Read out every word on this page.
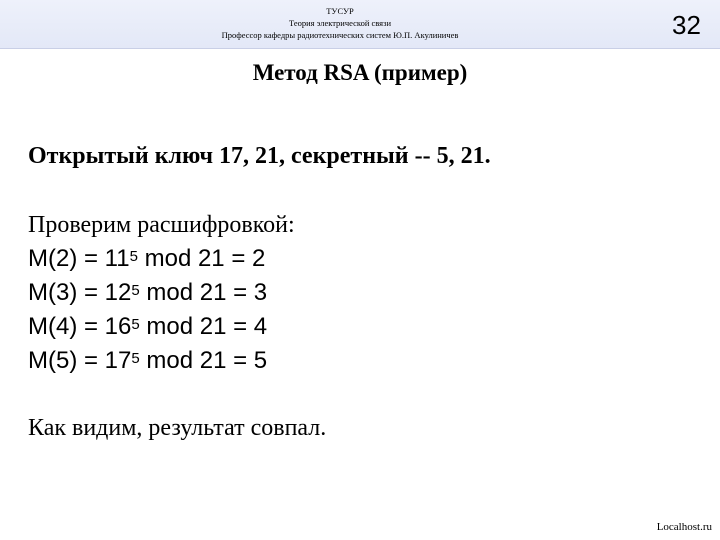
ТУСУР
Теория электрической связи
Профессор кафедры радиотехнических систем Ю.П. Акулиничев	32
Метод RSA (пример)
Открытый ключ 17, 21, секретный -- 5, 21.
Проверим расшифровкой:
$M(2) = 11^5$ mod 21 = 2
$M(3) = 12^5$ mod 21 = 3
$M(4) = 16^5$ mod 21 = 4
$M(5) = 17^5$ mod 21 = 5
Как видим, результат совпал.
Localhost.ru
